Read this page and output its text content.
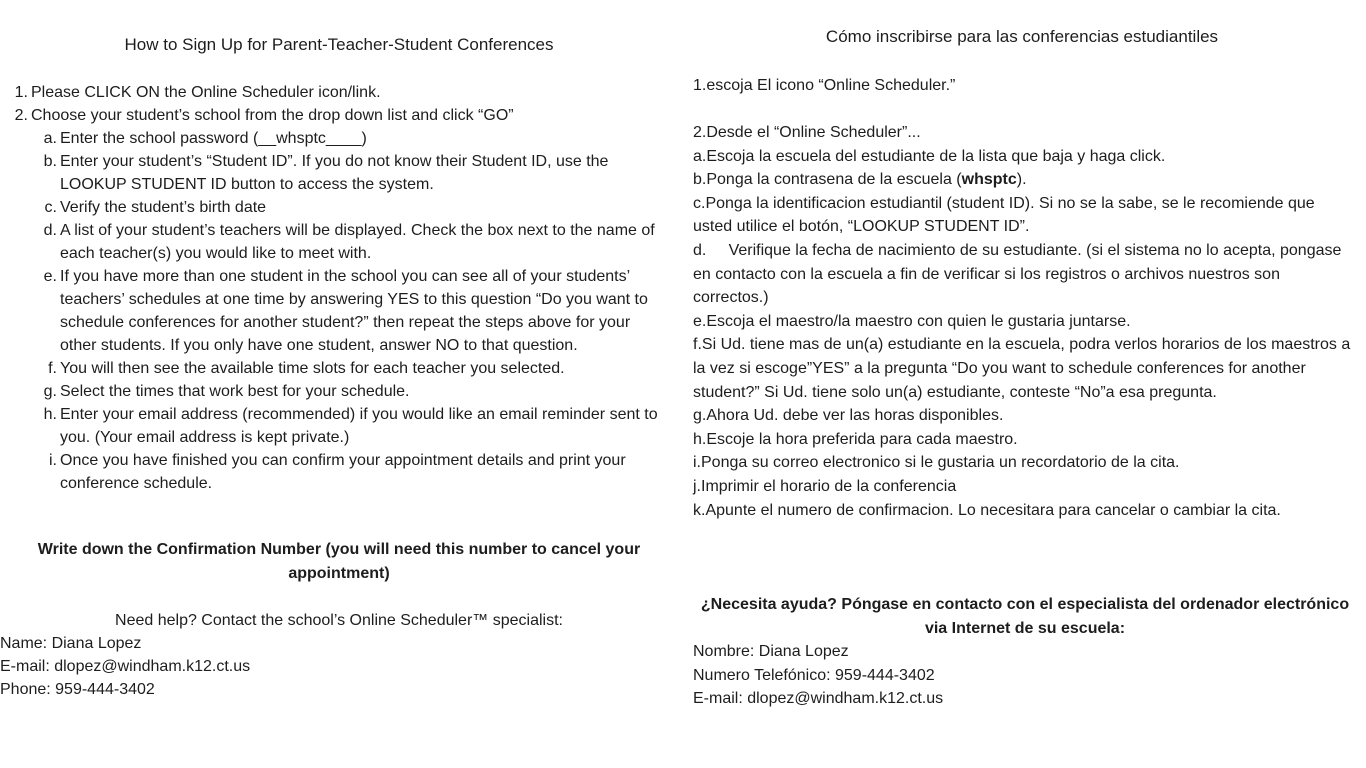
How to Sign Up for Parent-Teacher-Student Conferences
1. Please CLICK ON the Online Scheduler icon/link.
2. Choose your student’s school from the drop down list and click “GO”
a. Enter the school password (__whsptc____)
b. Enter your student’s “Student ID”. If you do not know their Student ID, use the LOOKUP STUDENT ID button to access the system.
c. Verify the student’s birth date
d. A list of your student’s teachers will be displayed. Check the box next to the name of each teacher(s) you would like to meet with.
e. If you have more than one student in the school you can see all of your students’ teachers’ schedules at one time by answering YES to this question “Do you want to schedule conferences for another student?” then repeat the steps above for your other students. If you only have one student, answer NO to that question.
f. You will then see the available time slots for each teacher you selected.
g. Select the times that work best for your schedule.
h. Enter your email address (recommended) if you would like an email reminder sent to you. (Your email address is kept private.)
i. Once you have finished you can confirm your appointment details and print your conference schedule.
Write down the Confirmation Number (you will need this number to cancel your appointment)
Need help? Contact the school’s Online Scheduler™ specialist:
Name: Diana Lopez
E-mail: dlopez@windham.k12.ct.us
Phone: 959-444-3402
Cómo inscribirse para las conferencias estudiantiles
1.escoja El icono “Online Scheduler.”
2.Desde el “Online Scheduler”...
a.Escoja la escuela del estudiante de la lista que baja y haga click.
b.Ponga la contrasena de la escuela (whsptc).
c.Ponga la identificacion estudiantil (student ID). Si no se la sabe, se le recomiende que usted utilice el botón, “LOOKUP STUDENT ID”.
d.     Verifique la fecha de nacimiento de su estudiante. (si el sistema no lo acepta, pongase en contacto con la escuela a fin de verificar si los registros o archivos nuestros son correctos.)
e.Escoja el maestro/la maestro con quien le gustaria juntarse.
f.Si Ud. tiene mas de un(a) estudiante en la escuela, podra verlos horarios de los maestros a la vez si escoge”YES” a la pregunta “Do you want to schedule conferences for another student?” Si Ud. tiene solo un(a) estudiante, conteste “No”a esa pregunta.
g.Ahora Ud. debe ver las horas disponibles.
h.Escoje la hora preferida para cada maestro.
i.Ponga su correo electronico si le gustaria un recordatorio de la cita.
j.Imprimir el horario de la conferencia
k.Apunte el numero de confirmacion. Lo necesitara para cancelar o cambiar la cita.
¿Necesita ayuda? Póngase en contacto con el especialista del ordenador electrónico via Internet de su escuela:
Nombre: Diana Lopez
Numero Telefónico: 959-444-3402
E-mail: dlopez@windham.k12.ct.us
